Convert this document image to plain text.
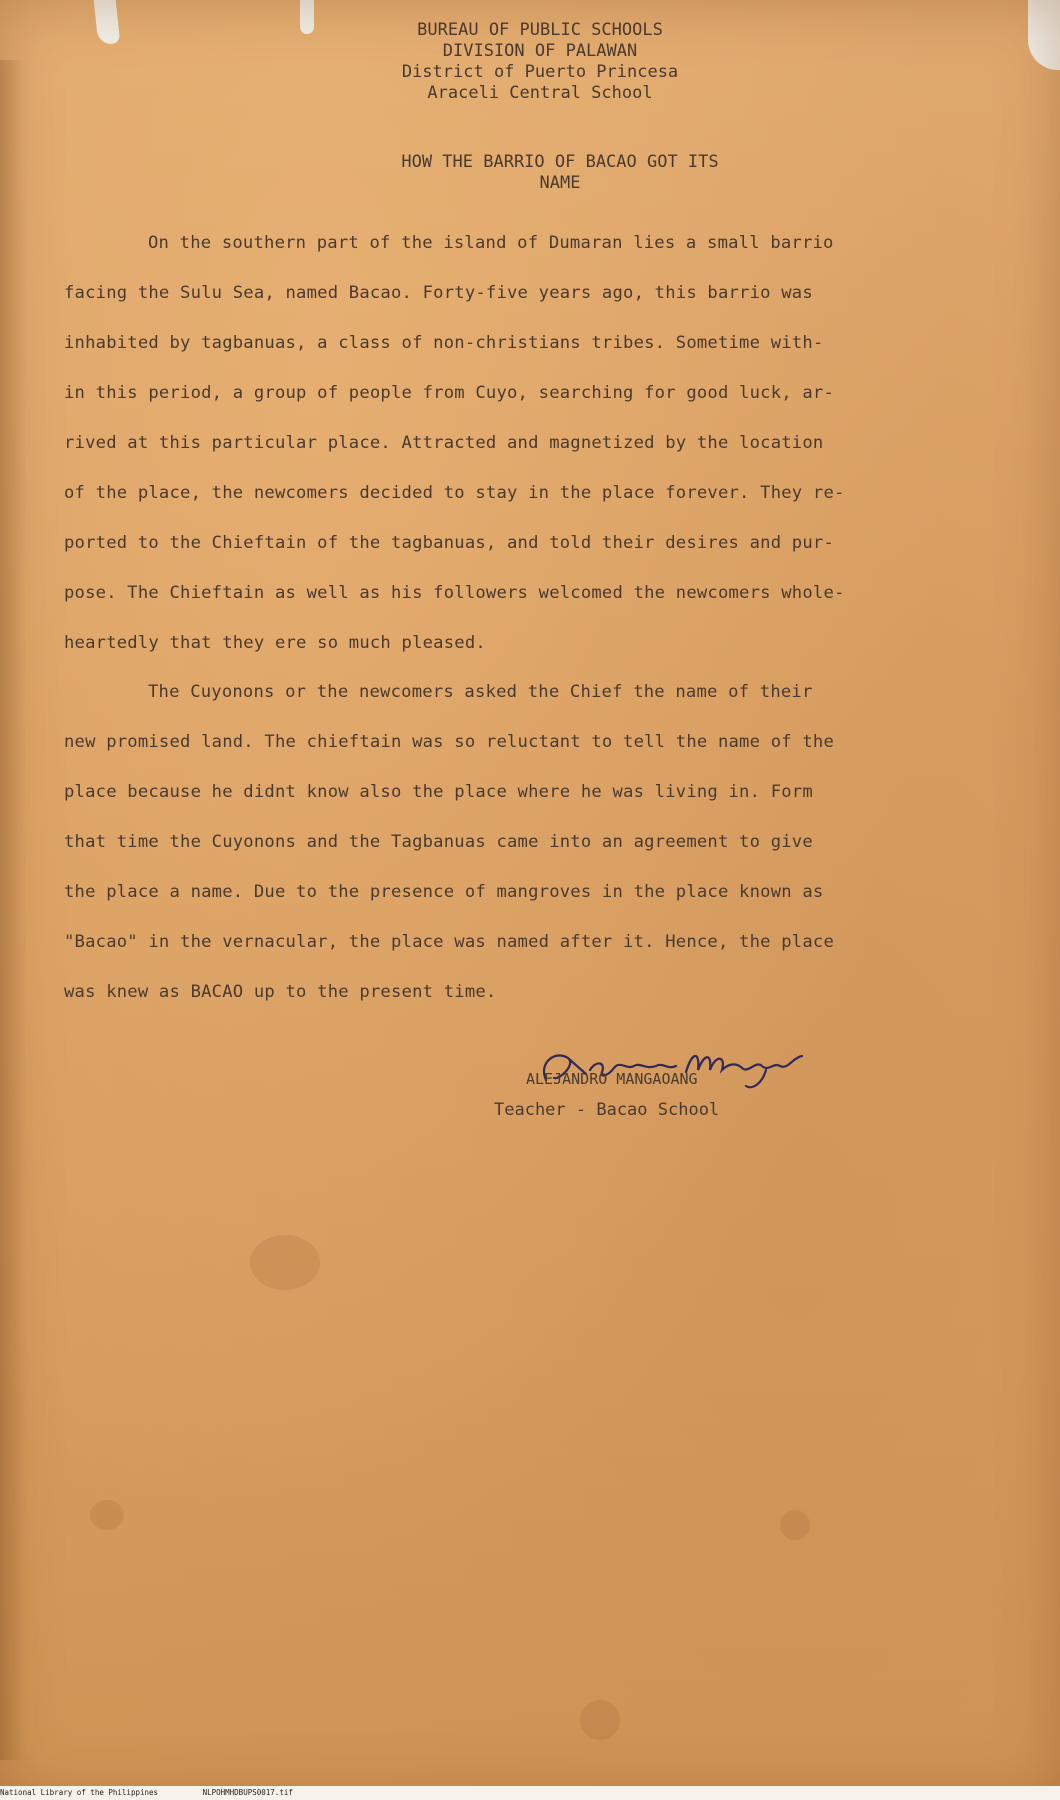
BUREAU OF PUBLIC SCHOOLS
DIVISION OF PALAWAN
District of Puerto Princesa
Araceli Central School
HOW THE BARRIO OF BACAO GOT ITS
NAME
On the southern part of the island of Dumaran lies a small barrio
facing the Sulu Sea, named Bacao. Forty-five years ago, this barrio was
inhabited by tagbanuas, a class of non-christians tribes. Sometime with-
in this period, a group of people from Cuyo, searching for good luck, ar-
rived at this particular place. Attracted and magnetized by the location
of the place, the newcomers decided to stay in the place forever. They re-
ported to the Chieftain of the tagbanuas, and told their desires and pur-
pose. The Chieftain as well as his followers welcomed the newcomers whole-
heartedly that they ere so much pleased.
The Cuyonons or the newcomers asked the Chief the name of their
new promised land. The chieftain was so reluctant to tell the name of the
place because he didnt know also the place where he was living in. Form
that time the Cuyonons and the Tagbanuas came into an agreement to give
the place a name. Due to the presence of mangroves in the place known as
"Bacao" in the vernacular, the place was named after it. Hence, the place
was knew as BACAO up to the present time.
ALEJANDRO MANGAOANG
Teacher - Bacao School
National Library of the Philippines	NLPOHMHDBUPS0017.tif
